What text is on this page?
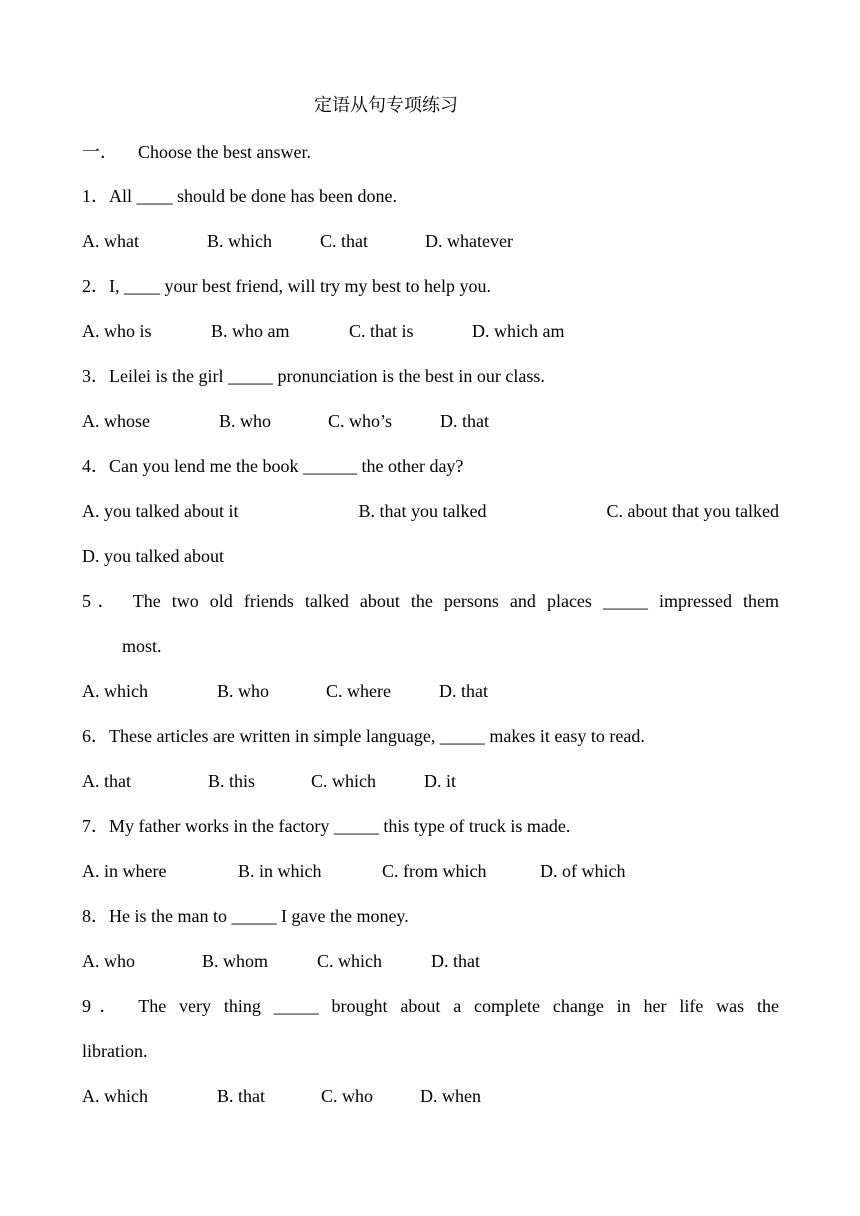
定语从句专项练习
一． Choose the best answer.
1．All ____ should be done has been done.
A. what	B. which	C. that	D. whatever
2．I, ____ your best friend, will try my best to help you.
A. who is	B. who am	C. that is	D. which am
3．Leilei is the girl _____ pronunciation is the best in our class.
A. whose	B. who	C. who’s	D. that
4．Can you lend me the book ______ the other day?
A. you talked about it	B. that you talked	C. about that you talked
D. you talked about
5． The two old friends talked about the persons and places _____ impressed them
most.
A. which	B. who	C. where	D. that
6．These articles are written in simple language, _____ makes it easy to read.
A. that	B. this	C. which	D. it
7．My father works in the factory _____ this type of truck is made.
A. in where	B. in which	C. from which	D. of which
8．He is the man to _____ I gave the money.
A. who	B. whom	C. which	D. that
9． The very thing _____ brought about a complete change in her life was the
libration.
A. which	B. that	C. who	D. when
